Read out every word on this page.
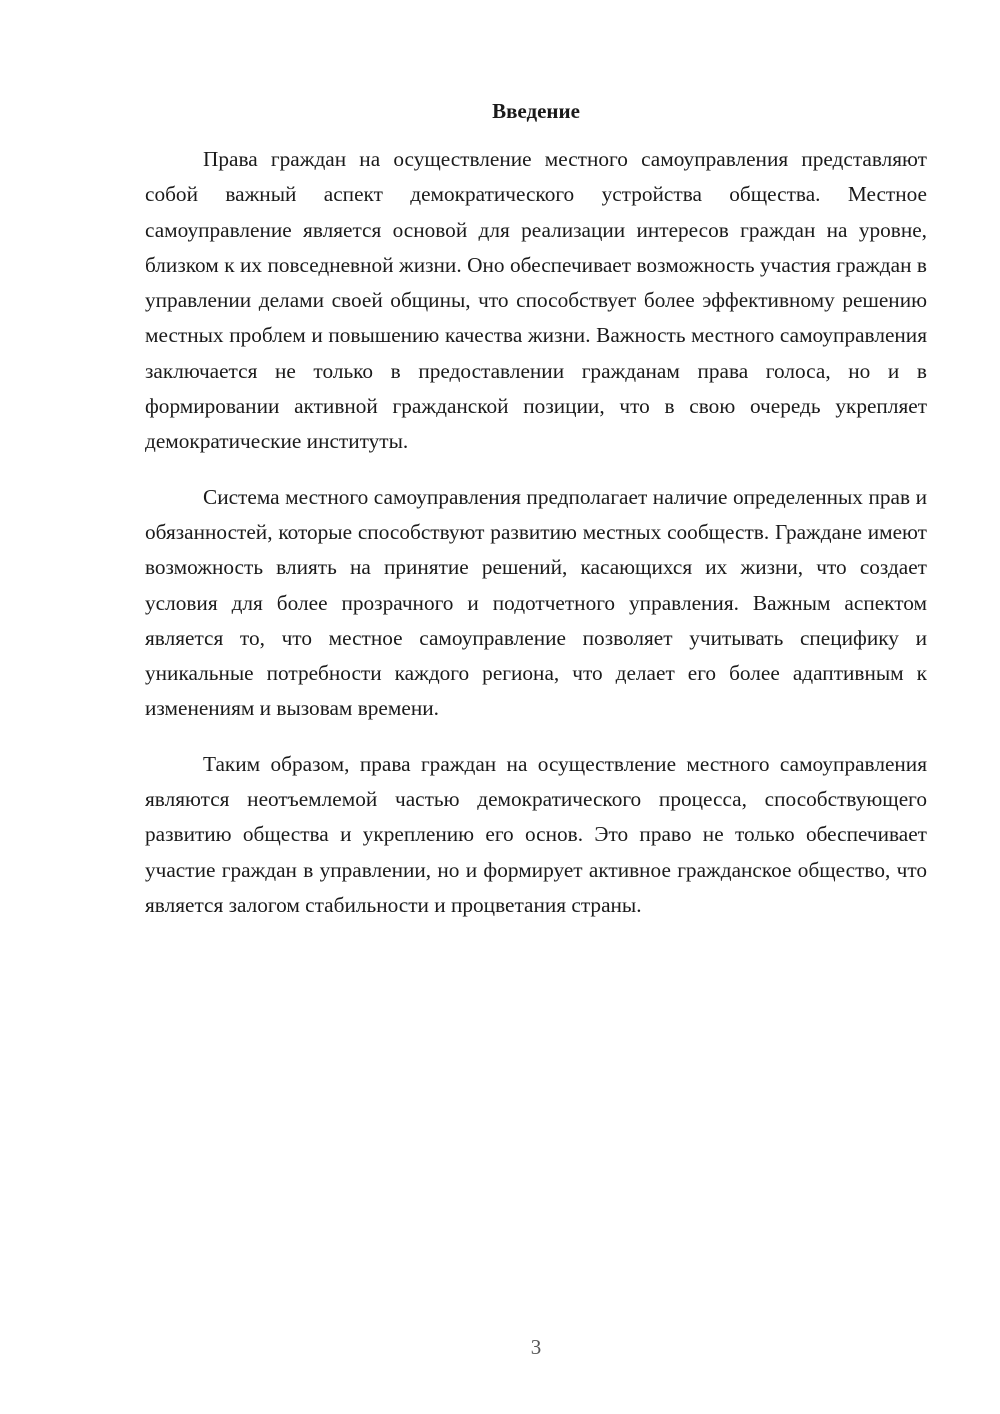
Введение

Права граждан на осуществление местного самоуправления представляют собой важный аспект демократического устройства общества. Местное самоуправление является основой для реализации интересов граждан на уровне, близком к их повседневной жизни. Оно обеспечивает возможность участия граждан в управлении делами своей общины, что способствует более эффективному решению местных проблем и повышению качества жизни. Важность местного самоуправления заключается не только в предоставлении гражданам права голоса, но и в формировании активной гражданской позиции, что в свою очередь укрепляет демократические институты.

Система местного самоуправления предполагает наличие определенных прав и обязанностей, которые способствуют развитию местных сообществ. Граждане имеют возможность влиять на принятие решений, касающихся их жизни, что создает условия для более прозрачного и подотчетного управления. Важным аспектом является то, что местное самоуправление позволяет учитывать специфику и уникальные потребности каждого региона, что делает его более адаптивным к изменениям и вызовам времени.

Таким образом, права граждан на осуществление местного самоуправления являются неотъемлемой частью демократического процесса, способствующего развитию общества и укреплению его основ. Это право не только обеспечивает участие граждан в управлении, но и формирует активное гражданское общество, что является залогом стабильности и процветания страны.

3
